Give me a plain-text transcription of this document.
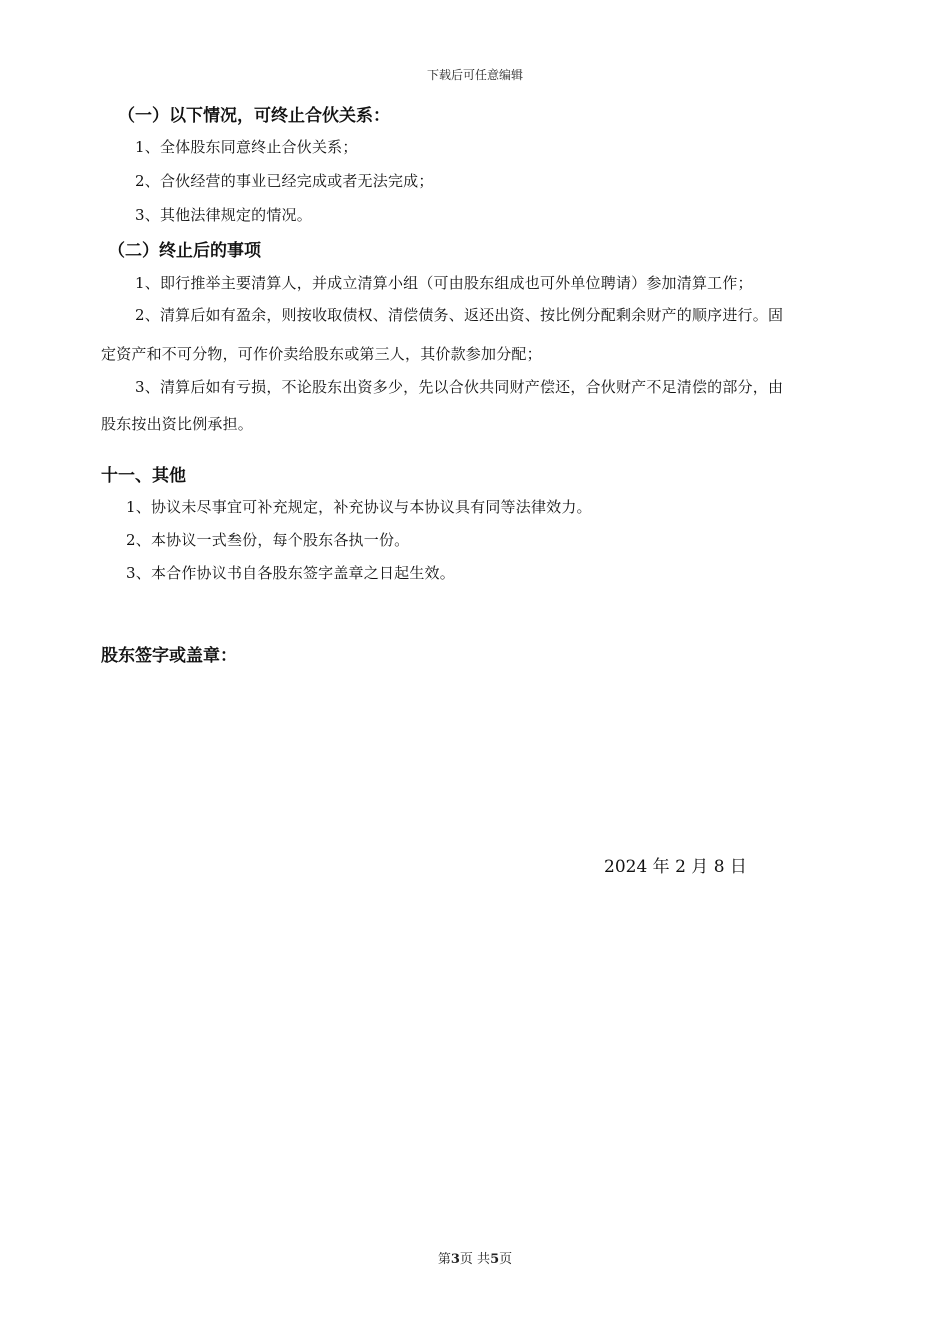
下载后可任意编辑
（一）以下情况，可终止合伙关系：
1、全体股东同意终止合伙关系；
2、合伙经营的事业已经完成或者无法完成；
3、其他法律规定的情况。
（二）终止后的事项
1、即行推举主要清算人，并成立清算小组（可由股东组成也可外单位聘请）参加清算工作；
2、清算后如有盈余，则按收取债权、清偿债务、返还出资、按比例分配剩余财产的顺序进行。固
定资产和不可分物，可作价卖给股东或第三人，其价款参加分配；
3、清算后如有亏损，不论股东出资多少，先以合伙共同财产偿还，合伙财产不足清偿的部分，由
股东按出资比例承担。
十一、其他
1、协议未尽事宜可补充规定，补充协议与本协议具有同等法律效力。
2、本协议一式叁份，每个股东各执一份。
3、本合作协议书自各股东签字盖章之日起生效。
股东签字或盖章：
2024 年 2 月 8 日
第3页 共5页
